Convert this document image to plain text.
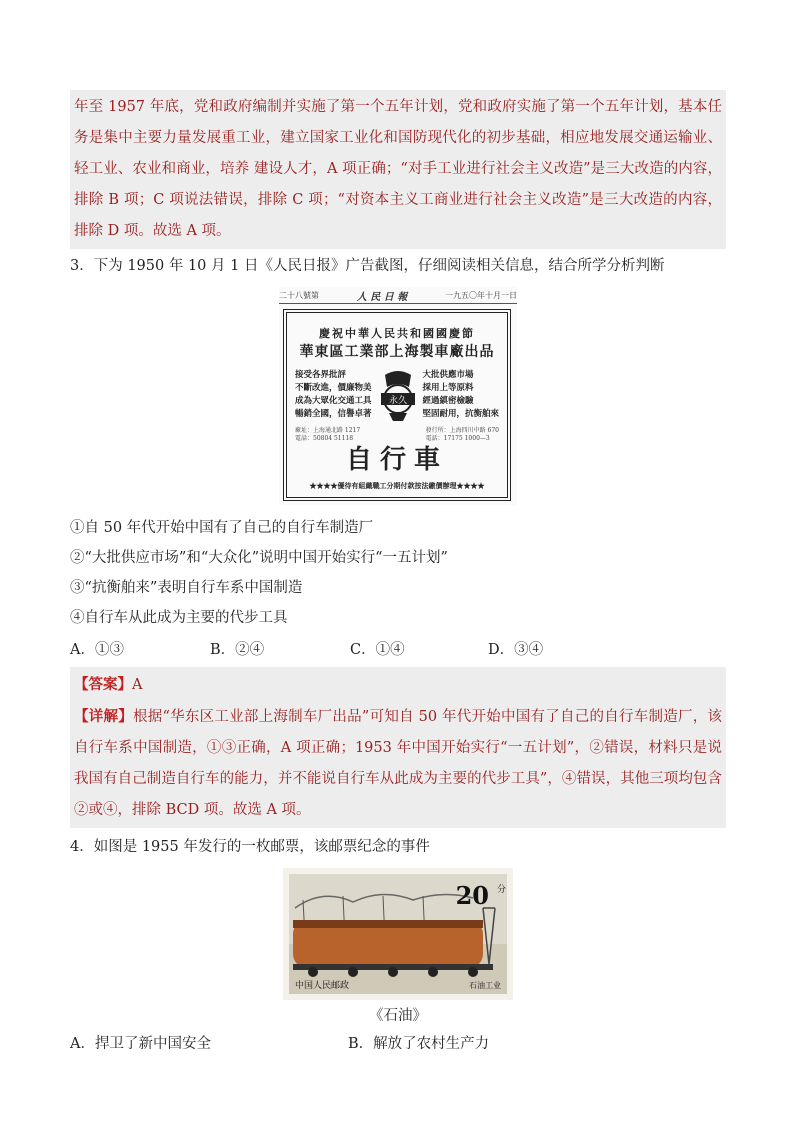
年至 1957 年底，党和政府编制并实施了第一个五年计划，党和政府实施了第一个五年计划，基本任务是集中主要力量发展重工业，建立国家工业化和国防现代化的初步基础，相应地发展交通运输业、轻工业、农业和商业，培养 建设人才，A 项正确；“对手工业进行社会主义改造”是三大改造的内容，排除 B 项；C 项说法错误，排除 C 项；“对资本主义工商业进行社会主义改造”是三大改造的内容，排除 D 项。故选 A 项。
3．下为 1950 年 10 月 1 日《人民日报》广告截图，仔细阅读相关信息，结合所学分析判断
二十八號第	人 民 日 報	一九五〇年十月一日
慶祝中華人民共和國國慶節
華東區工業部上海製車廠出品
接受各界批評
不斷改進，價廉物美
成為大眾化交通工具
暢銷全國，信譽卓著
永久
大批供應市場
採用上等原料
經過縝密檢驗
堅固耐用，抗衡舶來
廠址：上海通北路 1217
電話：50804 51118
發行所：上海四川中路 670
電話：17175 1000—3
自行車
★★★★優待有組織職工分期付款按法繳價辦理★★★★
①自 50 年代开始中国有了自己的自行车制造厂
②“大批供应市场”和“大众化”说明中国开始实行“一五计划”
③“抗衡舶来”表明自行车系中国制造
④自行车从此成为主要的代步工具
A．①③	B．②④	C．①④	D．③④
【答案】A
【详解】根据“华东区工业部上海制车厂出品”可知自 50 年代开始中国有了自己的自行车制造厂，该自行车系中国制造，①③正确，A 项正确；1953 年中国开始实行“一五计划”，②错误，材料只是说我国有自己制造自行车的能力，并不能说自行车从此成为主要的代步工具”，④错误，其他三项均包含②或④，排除 BCD 项。故选 A 项。
4．如图是 1955 年发行的一枚邮票，该邮票纪念的事件
20 分
中国人民邮政	石油工业
《石油》
A．捍卫了新中国安全	B．解放了农村生产力
